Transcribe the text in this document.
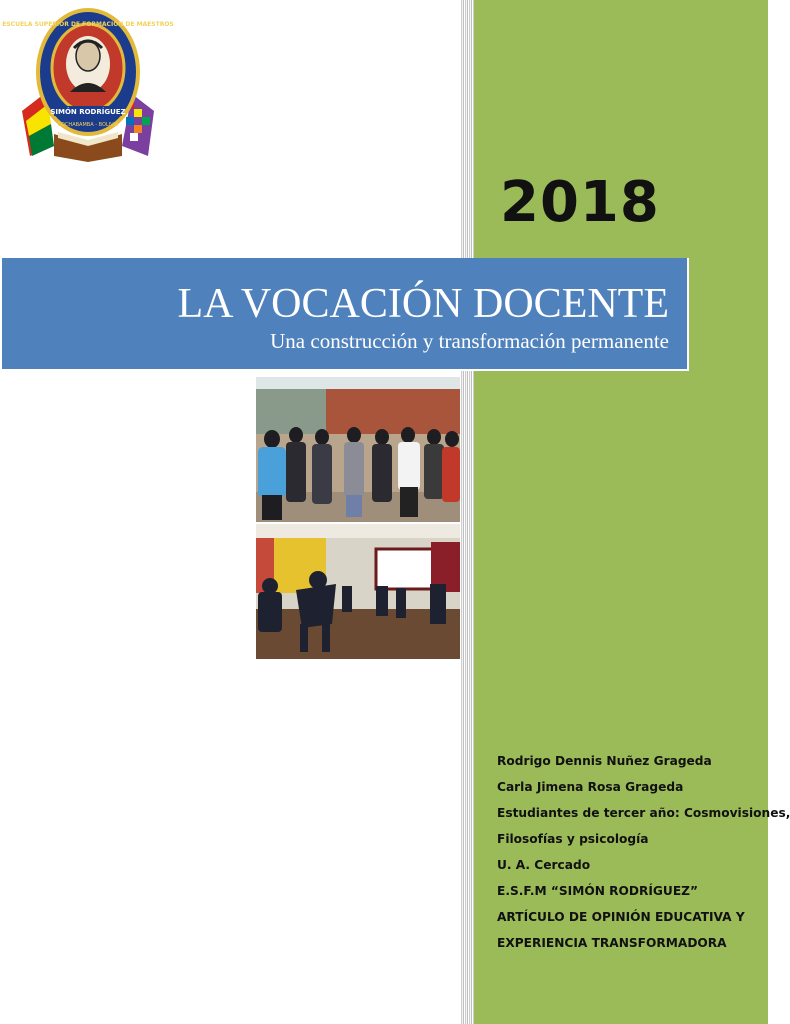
ESCUELA SUPERIOR DE FORMACIÓN DE MAESTROS
SIMÓN RODRÍGUEZ
COCHABAMBA - BOLIVIA
2018
LA VOCACIÓN DOCENTE
Una construcción y transformación permanente
Rodrigo Dennis Nuñez Grageda
Carla Jimena Rosa Grageda
Estudiantes de tercer año: Cosmovisiones,
Filosofías y psicología
U. A. Cercado
E.S.F.M “SIMÓN RODRÍGUEZ”
ARTÍCULO DE OPINIÓN EDUCATIVA Y
EXPERIENCIA TRANSFORMADORA
